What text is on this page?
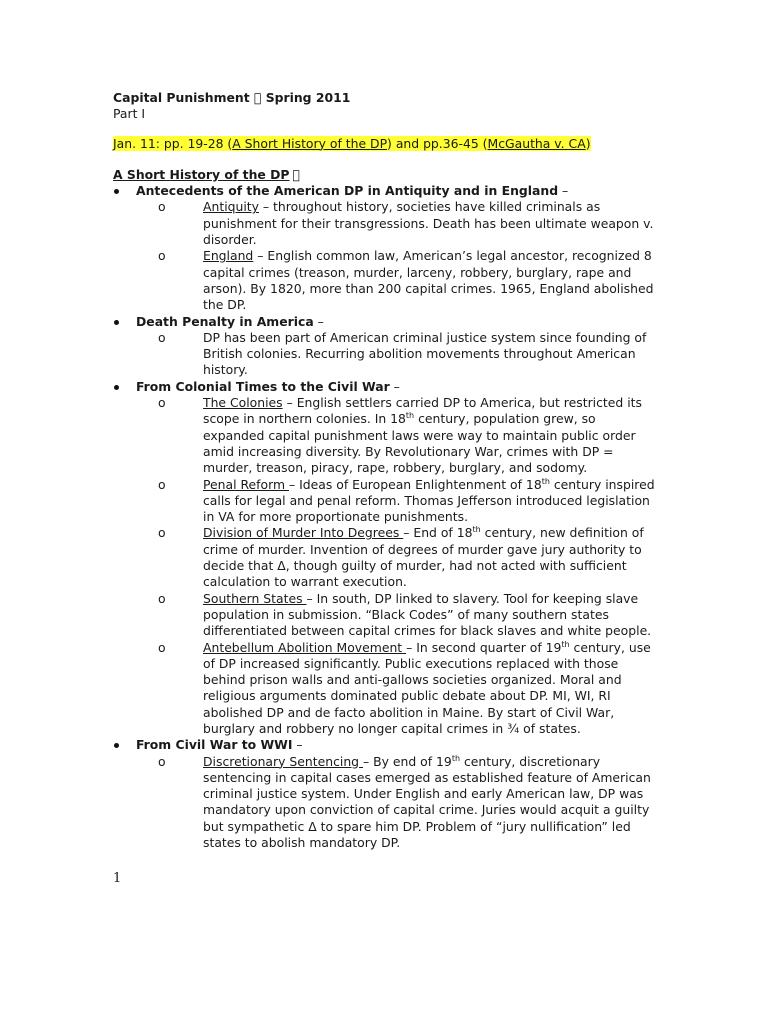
Capital Punishment Spring 2011

Part I

Jan. 11: pp. 19-28 (A Short History of the DP) and pp.36-45 (McGautha v. CA)

A Short History of the DP

Antecedents of the American DP in Antiquity and in England –
o	Antiquity – throughout history, societies have killed criminals as punishment for their transgressions. Death has been ultimate weapon v. disorder.
o	England – English common law, American’s legal ancestor, recognized 8 capital crimes (treason, murder, larceny, robbery, burglary, rape and arson). By 1820, more than 200 capital crimes. 1965, England abolished the DP.
Death Penalty in America –
o	DP has been part of American criminal justice system since founding of British colonies. Recurring abolition movements throughout American history.
From Colonial Times to the Civil War –
o	The Colonies – English settlers carried DP to America, but restricted its scope in northern colonies. In 18th century, population grew, so expanded capital punishment laws were way to maintain public order amid increasing diversity. By Revolutionary War, crimes with DP = murder, treason, piracy, rape, robbery, burglary, and sodomy.
o	Penal Reform – Ideas of European Enlightenment of 18th century inspired calls for legal and penal reform. Thomas Jefferson introduced legislation in VA for more proportionate punishments.
o	Division of Murder Into Degrees – End of 18th century, new definition of crime of murder. Invention of degrees of murder gave jury authority to decide that Δ, though guilty of murder, had not acted with sufficient calculation to warrant execution.
o	Southern States – In south, DP linked to slavery. Tool for keeping slave population in submission. “Black Codes” of many southern states differentiated between capital crimes for black slaves and white people.
o	Antebellum Abolition Movement – In second quarter of 19th century, use of DP increased significantly. Public executions replaced with those behind prison walls and anti-gallows societies organized. Moral and religious arguments dominated public debate about DP. MI, WI, RI abolished DP and de facto abolition in Maine. By start of Civil War, burglary and robbery no longer capital crimes in ¾ of states.
From Civil War to WWI –
o	Discretionary Sentencing – By end of 19th century, discretionary sentencing in capital cases emerged as established feature of American criminal justice system. Under English and early American law, DP was mandatory upon conviction of capital crime. Juries would acquit a guilty but sympathetic Δ to spare him DP. Problem of “jury nullification” led states to abolish mandatory DP.
1
